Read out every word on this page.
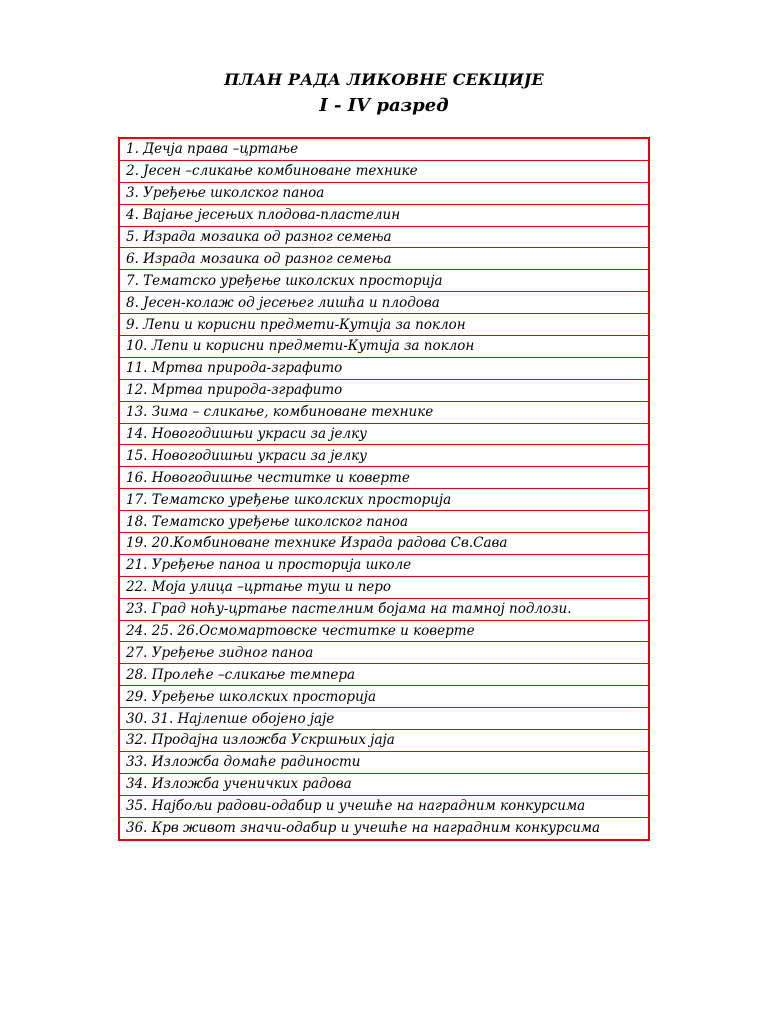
ПЛАН РАДА ЛИКОВНЕ СЕКЦИЈЕ
I - IV разред
1. Дечја права –цртање
2. Јесен –сликање комбиноване технике
3. Уређење школског паноа
4. Вајање јесењих плодова-пластелин
5. Израда мозаика од разног семења
6. Израда мозаика од разног семења
7. Тематско уређење школских просторија
8. Јесен-колаж од јесењег лишћа и плодова
9. Лепи и корисни предмети-Кутија за поклон
10. Лепи и корисни предмети-Кутија за поклон
11. Мртва природа-зграфито
12. Мртва природа-зграфито
13. Зима – сликање, комбиноване технике
14. Новогодишњи украси за јелку
15. Новогодишњи украси за јелку
16. Новогодишње честитке и коверте
17. Тематско уређење школских просторија
18. Тематско уређење школског паноа
19. 20.Комбиноване технике Израда радова Св.Сава
21. Уређење паноа и просторија школе
22. Моја улица –цртање туш и перо
23. Град ноћу-цртање пастелним бојама на тамној подлози.
24. 25. 26.Осмомартовске честитке и коверте
27. Уређење зидног паноа
28. Пролеће –сликање темпера
29. Уређење школских просторија
30. 31. Најлепше обојено јаје
32. Продајна изложба Ускршњих јаја
33. Изложба домаће радиности
34. Изложба ученичких радова
35. Најбољи радови-одабир и учешће на наградним конкурсима
36. Крв живот значи-одабир и учешће на наградним конкурсима
